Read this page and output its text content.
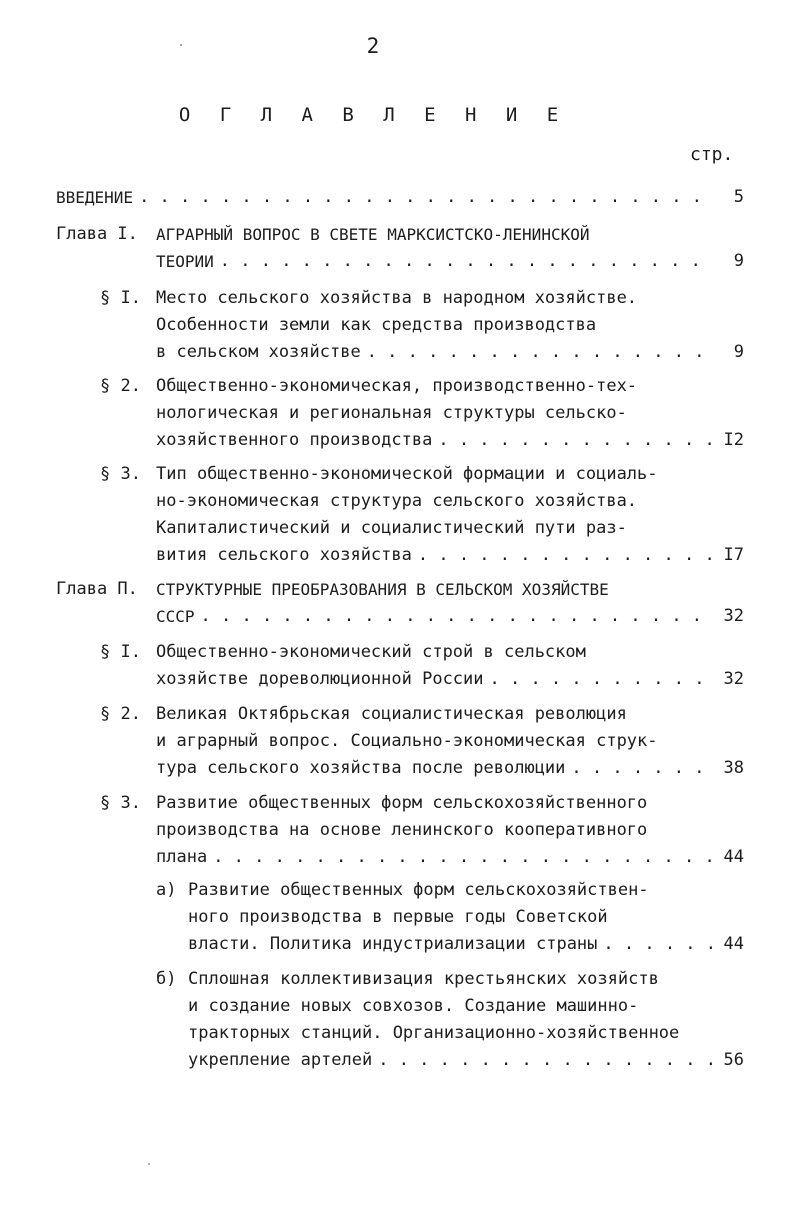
2
О Г Л А В Л Е Н И Е
стр.
ВВЕДЕНИЕ . . .	5
Глава I.	АГРАРНЫЙ ВОПРОС В СВЕТЕ МАРКСИСТСКО-ЛЕНИНСКОЙ
ТЕОРИИ . . .	9
§ I. Место сельского хозяйства в народном хозяйстве.
Особенности земли как средства производства
в сельском хозяйстве . . .	9
§ 2. Общественно-экономическая, производственно-тех-
нологическая и региональная структуры сельско-
хозяйственного производства . . .	I2
§ 3. Тип общественно-экономической формации и социаль-
но-экономическая структура сельского хозяйства.
Капиталистический и социалистический пути раз-
вития сельского хозяйства . . .	I7
Глава П.	СТРУКТУРНЫЕ ПРЕОБРАЗОВАНИЯ В СЕЛЬСКОМ ХОЗЯЙСТВЕ
СССР . . .	32
§ I. Общественно-экономический строй в сельском
хозяйстве дореволюционной России . . .	32
§ 2. Великая Октябрьская социалистическая революция
и аграрный вопрос. Социально-экономическая струк-
тура сельского хозяйства после революции . . .	38
§ 3. Развитие общественных форм сельскохозяйственного
производства на основе ленинского кооперативного
плана . . .	44
а) Развитие общественных форм сельскохозяйствен-
ного производства в первые годы Советской
власти. Политика индустриализации страны . . .	44
б) Сплошная коллективизация крестьянских хозяйств
и создание новых совхозов. Создание машинно-
тракторных станций. Организационно-хозяйственное
укрепление артелей . . .	56
